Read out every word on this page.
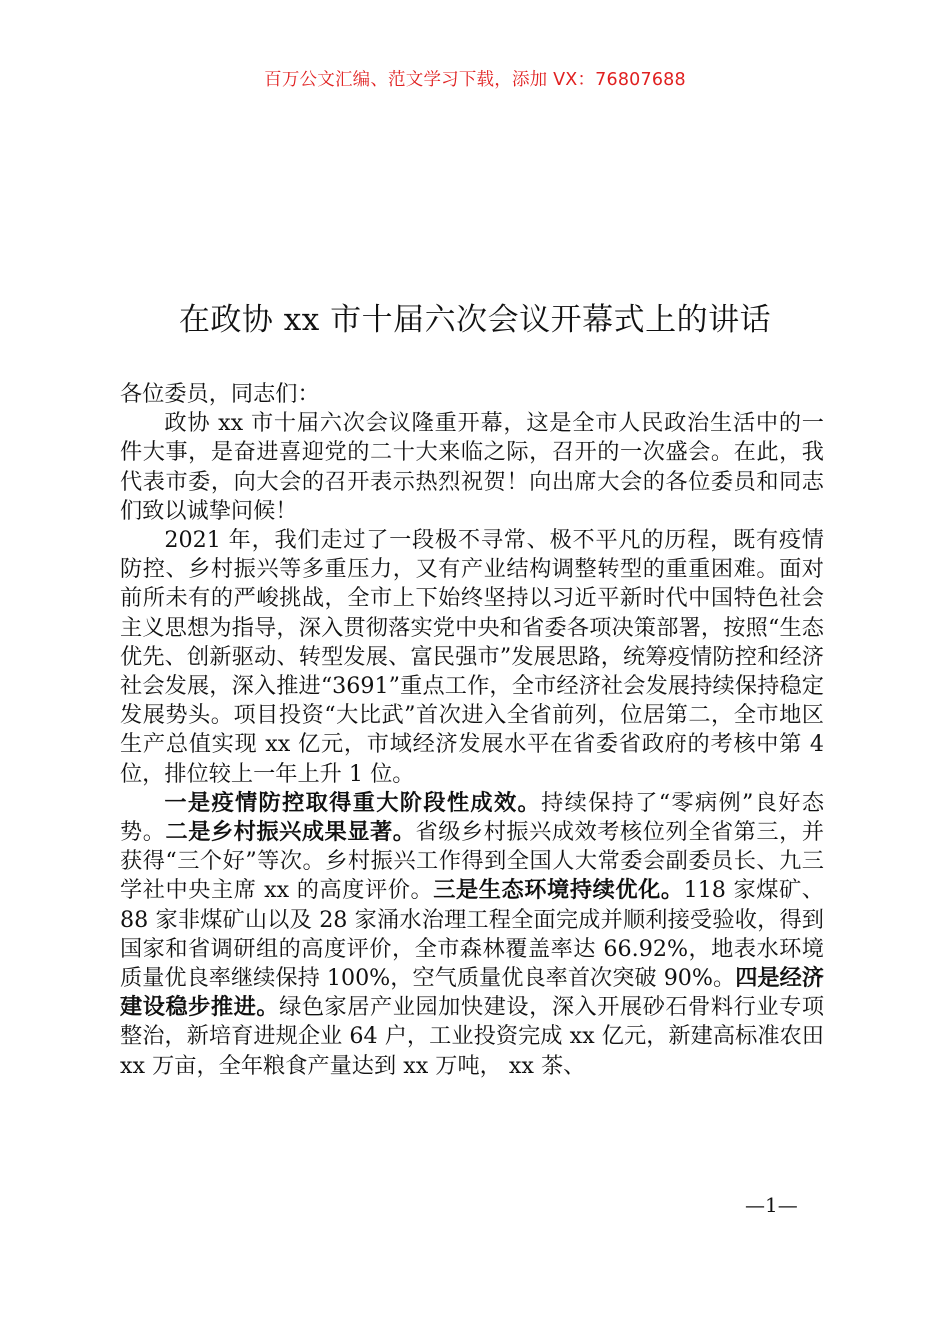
百万公文汇编、范文学习下载，添加 VX：76807688
在政协 xx 市十届六次会议开幕式上的讲话

各位委员，同志们：

政协 xx 市十届六次会议隆重开幕，这是全市人民政治生活中的一件大事，是奋进喜迎党的二十大来临之际，召开的一次盛会。在此，我代表市委，向大会的召开表示热烈祝贺！向出席大会的各位委员和同志们致以诚挚问候！

2021 年，我们走过了一段极不寻常、极不平凡的历程，既有疫情防控、乡村振兴等多重压力，又有产业结构调整转型的重重困难。面对前所未有的严峻挑战，全市上下始终坚持以习近平新时代中国特色社会主义思想为指导，深入贯彻落实党中央和省委各项决策部署，按照“生态优先、创新驱动、转型发展、富民强市”发展思路，统筹疫情防控和经济社会发展，深入推进“3691”重点工作，全市经济社会发展持续保持稳定发展势头。项目投资“大比武”首次进入全省前列，位居第二，全市地区生产总值实现 xx 亿元，市域经济发展水平在省委省政府的考核中第 4 位，排位较上一年上升 1 位。

一是疫情防控取得重大阶段性成效。持续保持了“零病例”良好态势。二是乡村振兴成果显著。省级乡村振兴成效考核位列全省第三，并获得“三个好”等次。乡村振兴工作得到全国人大常委会副委员长、九三学社中央主席 xx 的高度评价。三是生态环境持续优化。118 家煤矿、88 家非煤矿山以及 28 家涌水治理工程全面完成并顺利接受验收，得到国家和省调研组的高度评价，全市森林覆盖率达 66.92%，地表水环境质量优良率继续保持 100%，空气质量优良率首次突破 90%。四是经济建设稳步推进。绿色家居产业园加快建设，深入开展砂石骨料行业专项整治，新培育进规企业 64 户，工业投资完成 xx 亿元，新建高标准农田 xx 万亩，全年粮食产量达到 xx 万吨， xx 茶、

—1—
